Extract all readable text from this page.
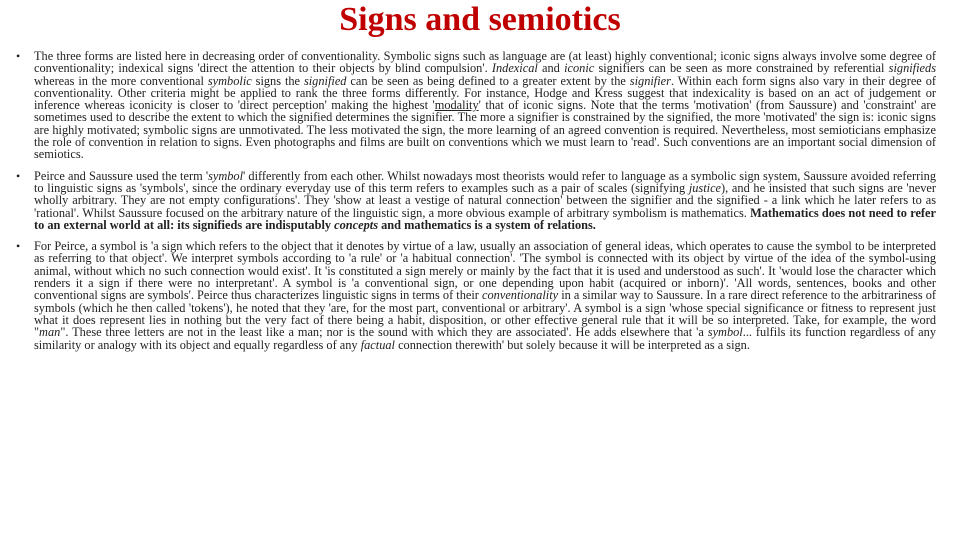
Signs and semiotics
• The three forms are listed here in decreasing order of conventionality. Symbolic signs such as language are (at least) highly conventional; iconic signs always involve some degree of conventionality; indexical signs 'direct the attention to their objects by blind compulsion'. Indexical and iconic signifiers can be seen as more constrained by referential signifieds whereas in the more conventional symbolic signs the signified can be seen as being defined to a greater extent by the signifier. Within each form signs also vary in their degree of conventionality. Other criteria might be applied to rank the three forms differently. For instance, Hodge and Kress suggest that indexicality is based on an act of judgement or inference whereas iconicity is closer to 'direct perception' making the highest 'modality' that of iconic signs. Note that the terms 'motivation' (from Saussure) and 'constraint' are sometimes used to describe the extent to which the signified determines the signifier. The more a signifier is constrained by the signified, the more 'motivated' the sign is: iconic signs are highly motivated; symbolic signs are unmotivated. The less motivated the sign, the more learning of an agreed convention is required. Nevertheless, most semioticians emphasize the role of convention in relation to signs. Even photographs and films are built on conventions which we must learn to 'read'. Such conventions are an important social dimension of semiotics.
• Peirce and Saussure used the term 'symbol' differently from each other. Whilst nowadays most theorists would refer to language as a symbolic sign system, Saussure avoided referring to linguistic signs as 'symbols', since the ordinary everyday use of this term refers to examples such as a pair of scales (signifying justice), and he insisted that such signs are 'never wholly arbitrary. They are not empty configurations'. They 'show at least a vestige of natural connection' between the signifier and the signified - a link which he later refers to as 'rational'. Whilst Saussure focused on the arbitrary nature of the linguistic sign, a more obvious example of arbitrary symbolism is mathematics. Mathematics does not need to refer to an external world at all: its signifieds are indisputably concepts and mathematics is a system of relations.
• For Peirce, a symbol is 'a sign which refers to the object that it denotes by virtue of a law, usually an association of general ideas, which operates to cause the symbol to be interpreted as referring to that object'. We interpret symbols according to 'a rule' or 'a habitual connection'. 'The symbol is connected with its object by virtue of the idea of the symbol-using animal, without which no such connection would exist'. It 'is constituted a sign merely or mainly by the fact that it is used and understood as such'. It 'would lose the character which renders it a sign if there were no interpretant'. A symbol is 'a conventional sign, or one depending upon habit (acquired or inborn)'. 'All words, sentences, books and other conventional signs are symbols'. Peirce thus characterizes linguistic signs in terms of their conventionality in a similar way to Saussure. In a rare direct reference to the arbitrariness of symbols (which he then called 'tokens'), he noted that they 'are, for the most part, conventional or arbitrary'. A symbol is a sign 'whose special significance or fitness to represent just what it does represent lies in nothing but the very fact of there being a habit, disposition, or other effective general rule that it will be so interpreted. Take, for example, the word "man". These three letters are not in the least like a man; nor is the sound with which they are associated'. He adds elsewhere that 'a symbol... fulfils its function regardless of any similarity or analogy with its object and equally regardless of any factual connection therewith' but solely because it will be interpreted as a sign.
